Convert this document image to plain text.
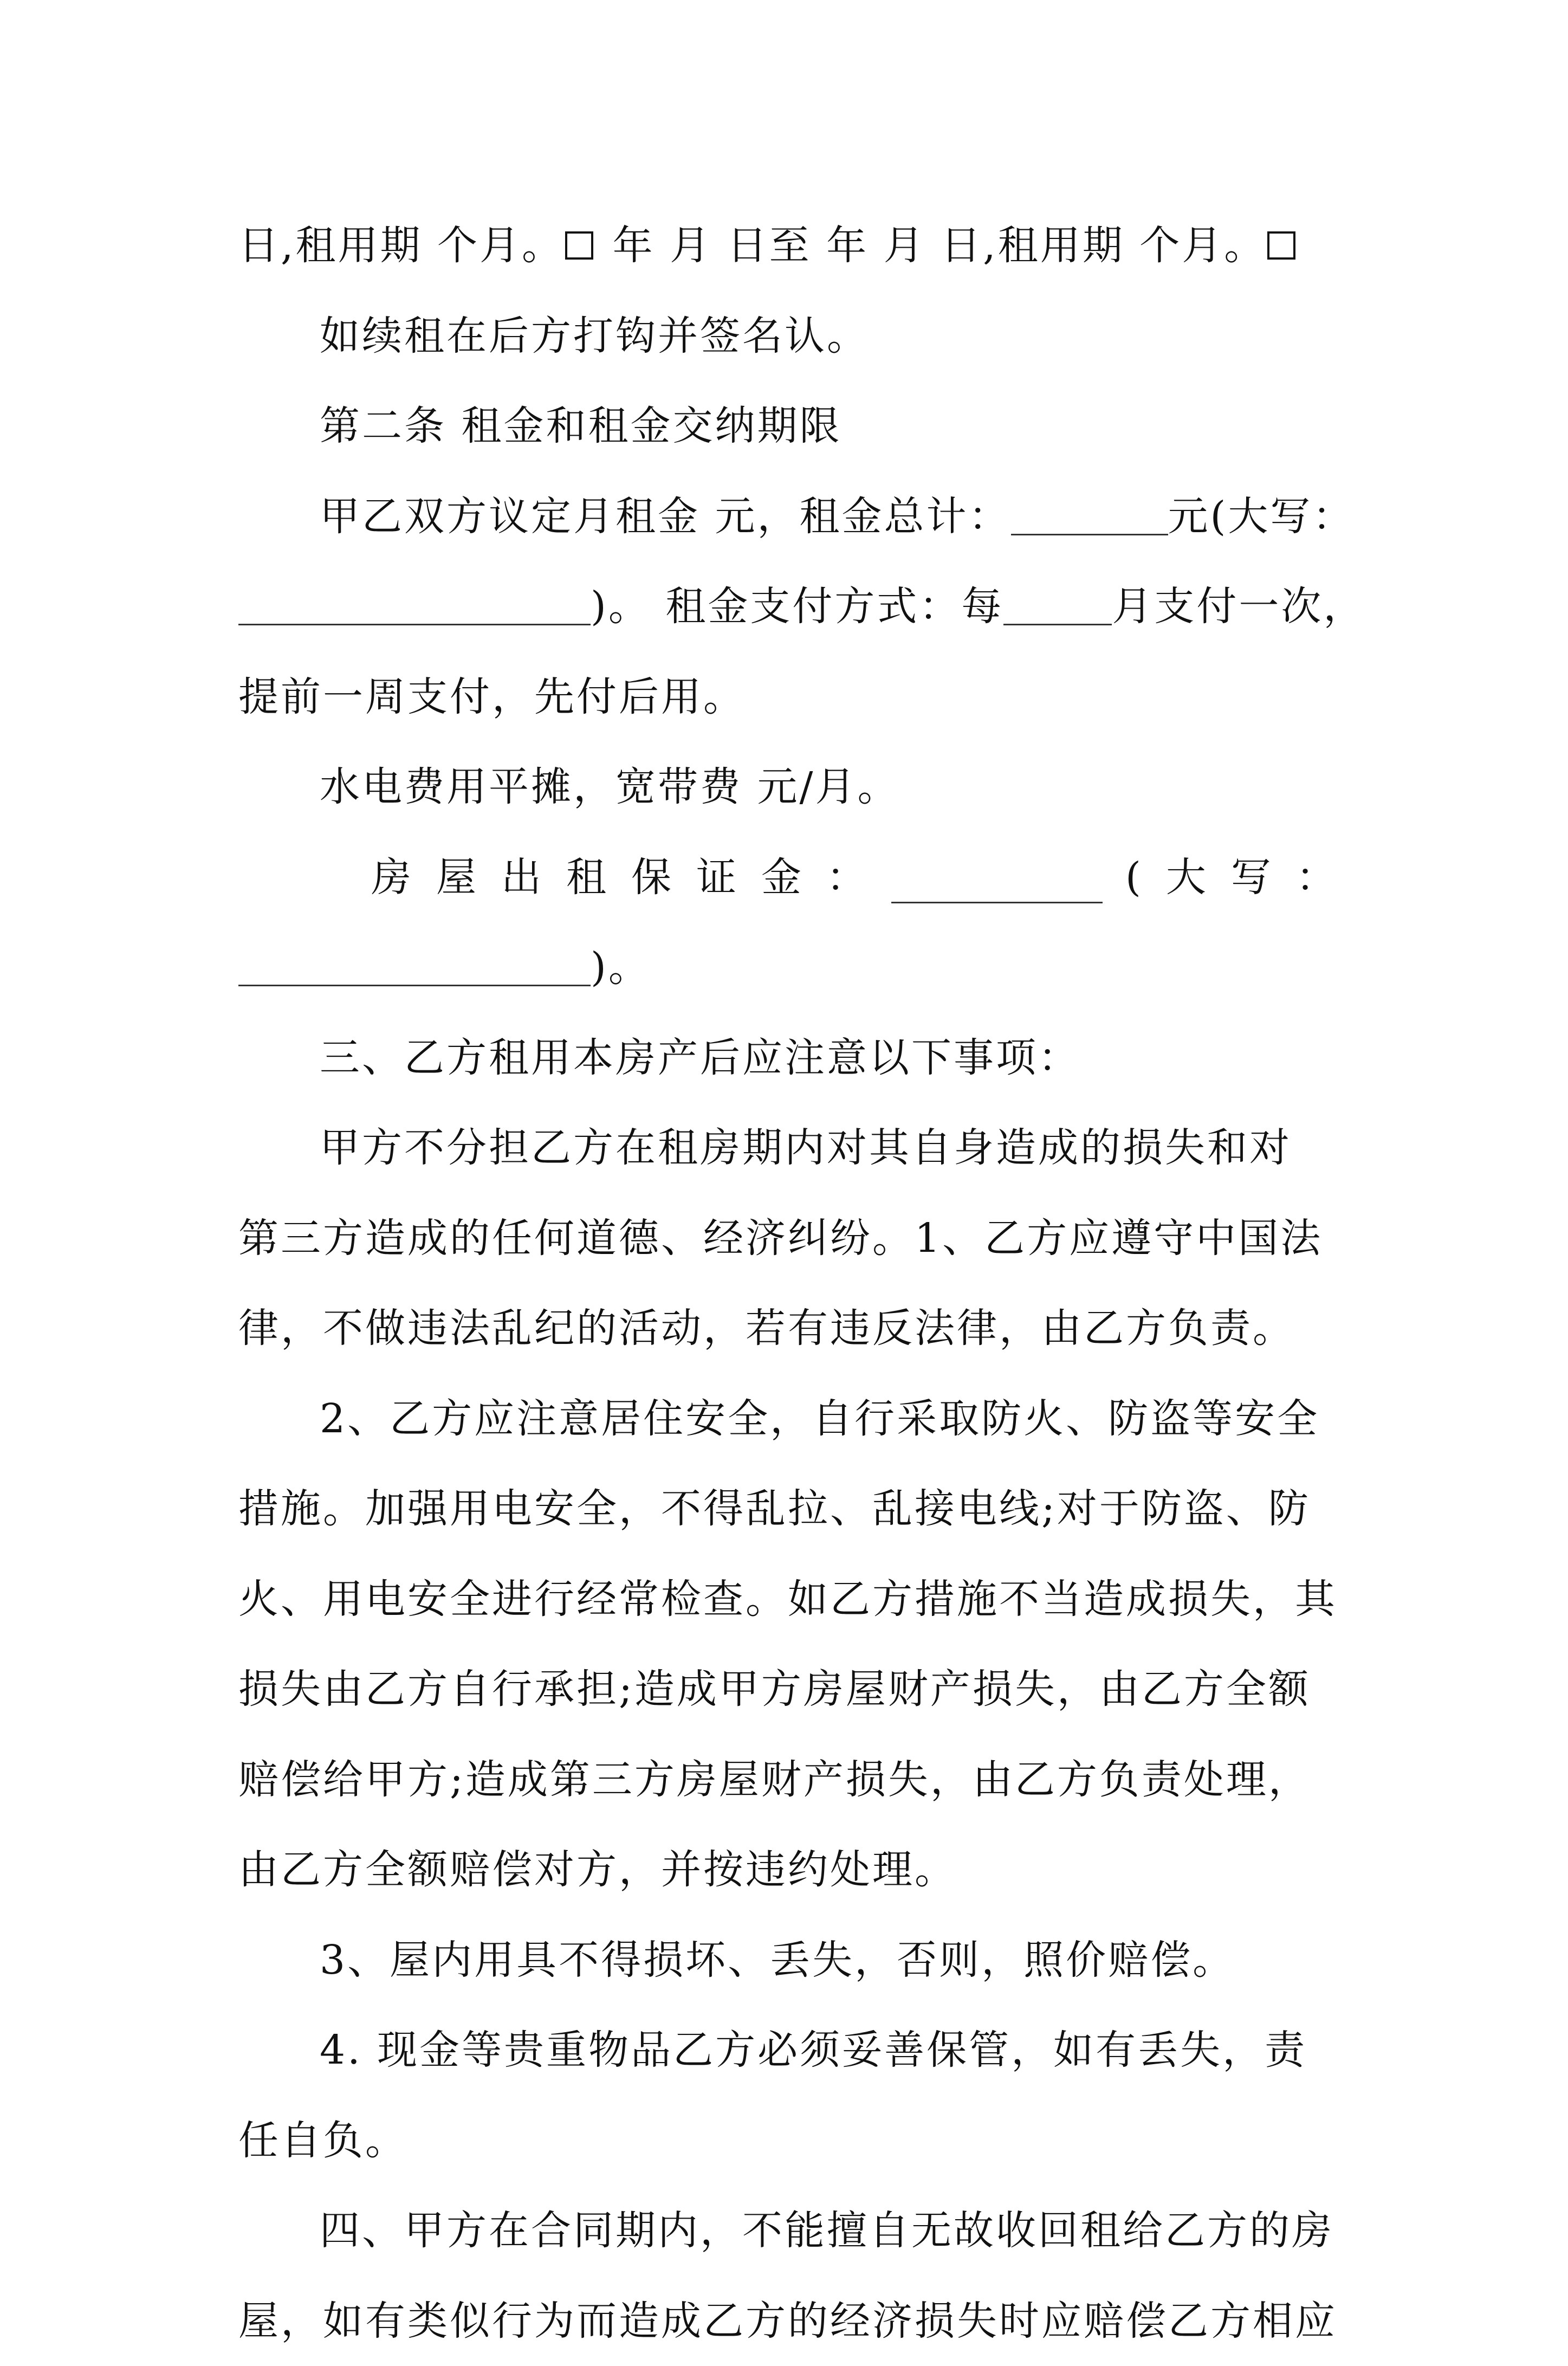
日,租用期 个月。 年 月 日至 年 月 日,租用期 个月。
如续租在后方打钩并签名认。
第二条 租金和租金交纳期限
甲乙双方议定月租金 元，租金总计：	元(大写：
)。 租金支付方式：每	月支付一次，
提前一周支付，先付后用。
水电费用平摊，宽带费 元/月。
房 屋 出 租 保 证 金 ：	( 大 写 ：
)。
三、乙方租用本房产后应注意以下事项：
甲方不分担乙方在租房期内对其自身造成的损失和对
第三方造成的任何道德、经济纠纷。1、乙方应遵守中国法
律，不做违法乱纪的活动，若有违反法律，由乙方负责。
2、乙方应注意居住安全，自行采取防火、防盗等安全
措施。加强用电安全，不得乱拉、乱接电线;对于防盗、防
火、用电安全进行经常检查。如乙方措施不当造成损失，其
损失由乙方自行承担;造成甲方房屋财产损失，由乙方全额
赔偿给甲方;造成第三方房屋财产损失，由乙方负责处理，
由乙方全额赔偿对方，并按违约处理。
3、屋内用具不得损坏、丢失，否则，照价赔偿。
4. 现金等贵重物品乙方必须妥善保管，如有丢失，责
任自负。
四、甲方在合同期内，不能擅自无故收回租给乙方的房
屋，如有类似行为而造成乙方的经济损失时应赔偿乙方相应
